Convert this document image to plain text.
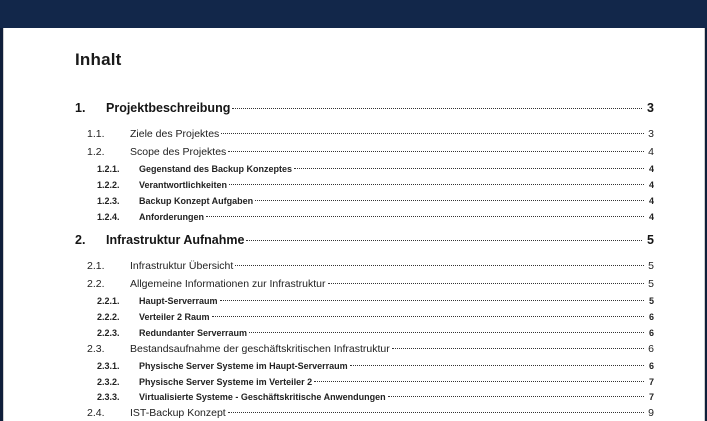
Inhalt
1.	Projektbeschreibung	3
1.1.	Ziele des Projektes	3
1.2.	Scope des Projektes	4
1.2.1.	Gegenstand des Backup Konzeptes	4
1.2.2.	Verantwortlichkeiten	4
1.2.3.	Backup Konzept Aufgaben	4
1.2.4.	Anforderungen	4
2.	Infrastruktur Aufnahme	5
2.1.	Infrastruktur Übersicht	5
2.2.	Allgemeine Informationen zur Infrastruktur	5
2.2.1.	Haupt-Serverraum	5
2.2.2.	Verteiler 2 Raum	6
2.2.3.	Redundanter Serverraum	6
2.3.	Bestandsaufnahme der geschäftskritischen Infrastruktur	6
2.3.1.	Physische Server Systeme im Haupt-Serverraum	6
2.3.2.	Physische Server Systeme im Verteiler 2	7
2.3.3.	Virtualisierte Systeme - Geschäftskritische Anwendungen	7
2.4.	IST-Backup Konzept	9
